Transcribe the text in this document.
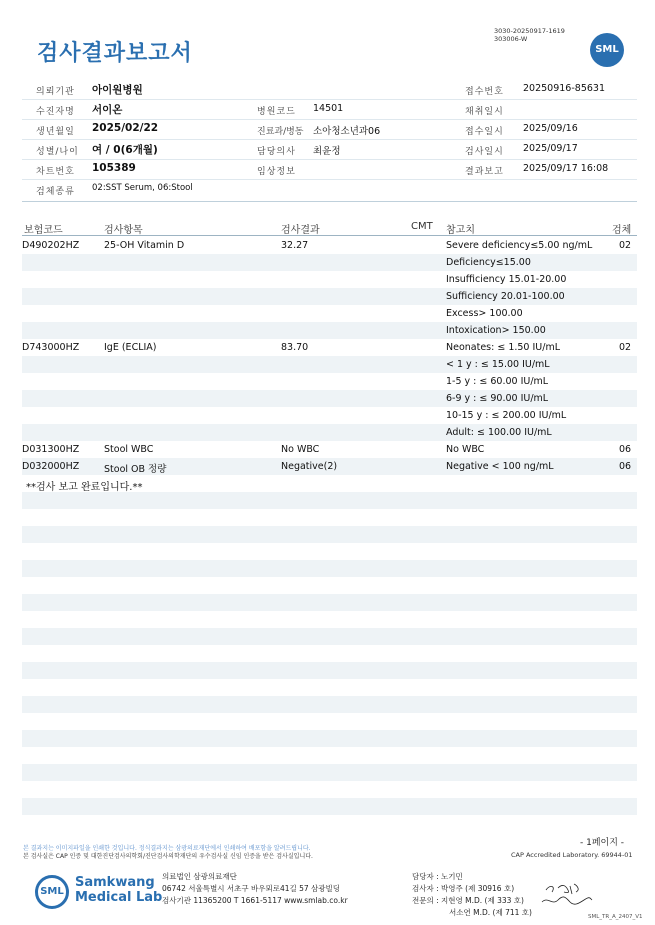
3030-20250917-1619
303006-W
검사결과보고서	SML
의뢰기관 아이원병원	접수번호 20250916-85631
수진자명 서이온	병원코드 14501	채취일시
생년월일 2025/02/22	진료과/병동 소아청소년과06	접수일시 2025/09/16
성별/나이 여 / 0(6개월)	담당의사 최윤정	검사일시 2025/09/17
차트번호 105389	임상정보	결과보고 2025/09/17 16:08
검체종류 02:SST Serum, 06:Stool
보험코드	검사항목	검사결과	CMT 참고치	검체
D490202HZ	25-OH Vitamin D	32.27	Severe deficiency≤5.00 ng/mL	02
Deficiency≤15.00
Insufficiency 15.01-20.00
Sufficiency 20.01-100.00
Excess> 100.00
Intoxication> 150.00
D743000HZ	IgE (ECLIA)	83.70	Neonates: ≤ 1.50 IU/mL	02
< 1 y : ≤ 15.00 IU/mL
1-5 y : ≤ 60.00 IU/mL
6-9 y : ≤ 90.00 IU/mL
10-15 y : ≤ 200.00 IU/mL
Adult: ≤ 100.00 IU/mL
D031300HZ	Stool WBC	No WBC	No WBC	06
D032000HZ	Stool OB 정량	Negative(2)	Negative < 100 ng/mL	06
**검사 보고 완료입니다.**
- 1페이지 -
본 결과지는 이미지파일을 인쇄한 것입니다. 정식결과지는 삼광의료재단에서 인쇄하여 배포함을 알려드립니다.
본 검사실은 CAP 인증 및 대한진단검사의학회/진단검사의학재단의 우수검사실 신임 인증을 받은 검사실입니다.	CAP Accredited Laboratory. 69944-01
SML
Samkwang
Medical Lab
의료법인 삼광의료재단
06742 서울특별시 서초구 바우뫼로41길 57 삼광빌딩
검사기관 11365200 T 1661-5117 www.smlab.co.kr
담당자 : 노기민
검사자 : 박영주 (제 30916 호)
전문의 : 지현영 M.D. (제 333 호)
서소연 M.D. (제 711 호)	SML_TR_A_2407_V1
